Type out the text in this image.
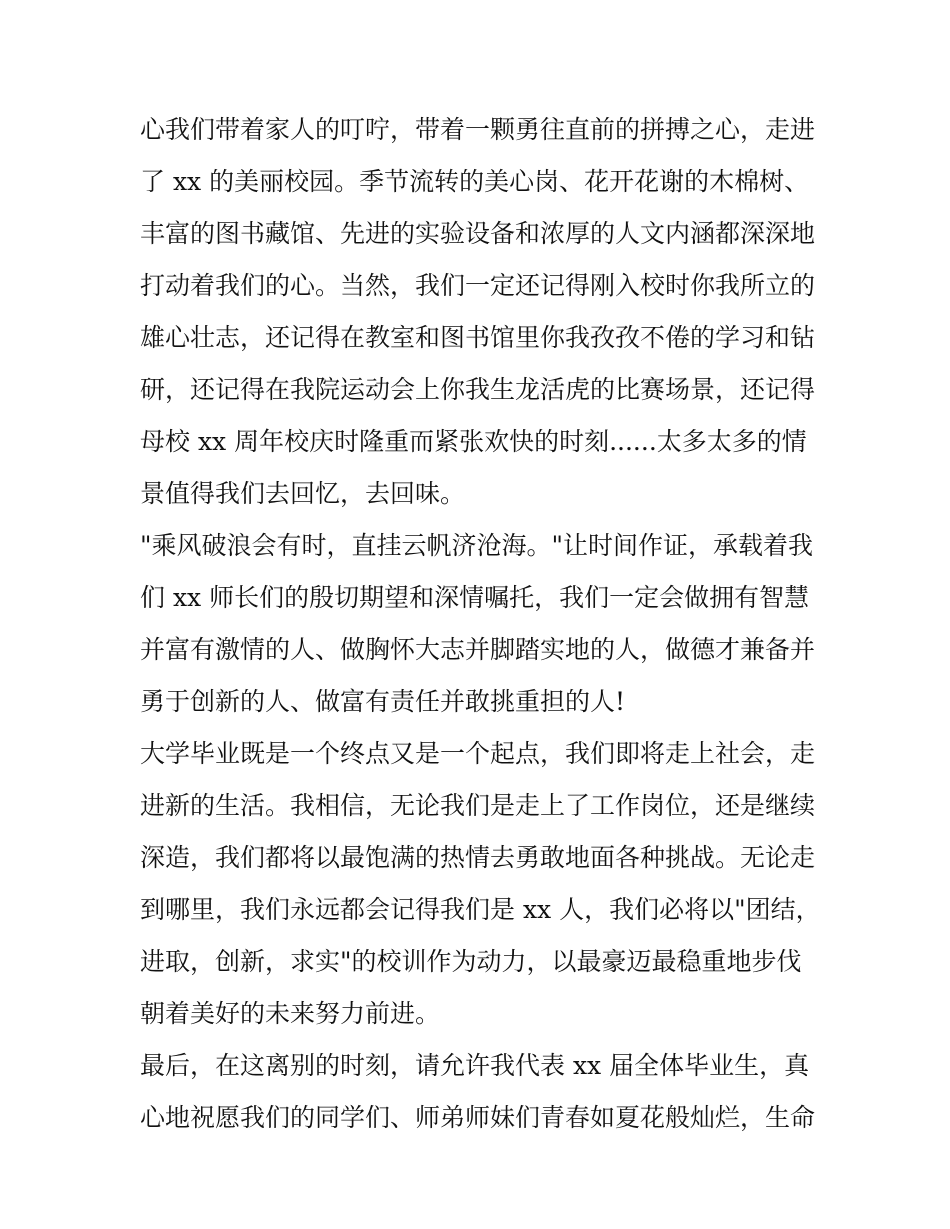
心我们带着家人的叮咛，带着一颗勇往直前的拼搏之心，走进
了 xx 的美丽校园。季节流转的美心岗、花开花谢的木棉树、
丰富的图书藏馆、先进的实验设备和浓厚的人文内涵都深深地
打动着我们的心。当然，我们一定还记得刚入校时你我所立的
雄心壮志，还记得在教室和图书馆里你我孜孜不倦的学习和钻
研，还记得在我院运动会上你我生龙活虎的比赛场景，还记得
母校 xx 周年校庆时隆重而紧张欢快的时刻......太多太多的情
景值得我们去回忆，去回味。
"乘风破浪会有时，直挂云帆济沧海。"让时间作证，承载着我
们 xx 师长们的殷切期望和深情嘱托，我们一定会做拥有智慧
并富有激情的人、做胸怀大志并脚踏实地的人，做德才兼备并
勇于创新的人、做富有责任并敢挑重担的人!
大学毕业既是一个终点又是一个起点，我们即将走上社会，走
进新的生活。我相信，无论我们是走上了工作岗位，还是继续
深造，我们都将以最饱满的热情去勇敢地面各种挑战。无论走
到哪里，我们永远都会记得我们是 xx 人，我们必将以"团结，
进取，创新，求实"的校训作为动力，以最豪迈最稳重地步伐
朝着美好的未来努力前进。
最后，在这离别的时刻，请允许我代表 xx 届全体毕业生，真
心地祝愿我们的同学们、师弟师妹们青春如夏花般灿烂，生命
